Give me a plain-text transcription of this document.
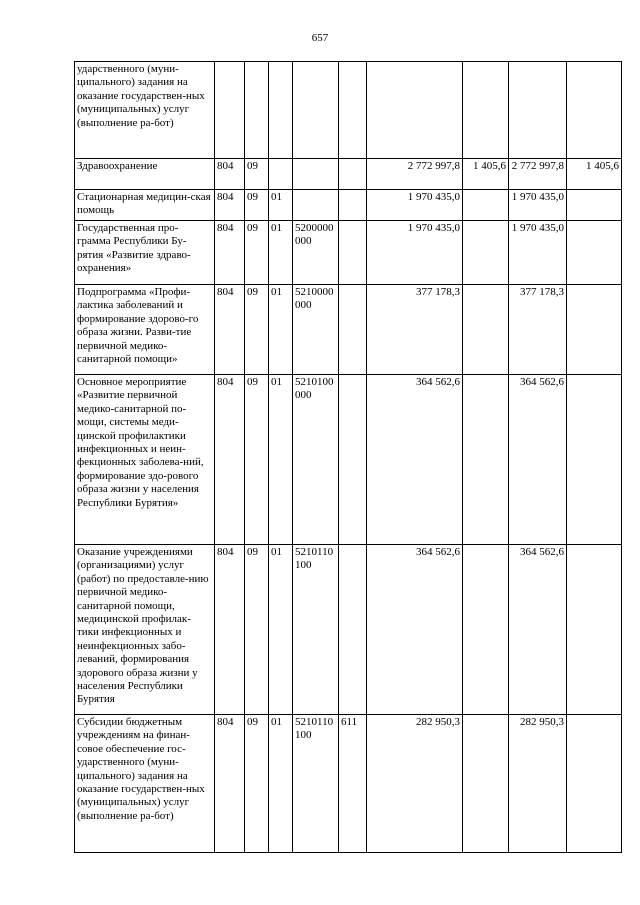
657
ударственного (муни-ципального) задания на оказание государствен-ных (муниципальных) услуг (выполнение ра-бот)									
Здравоохранение	804	09				2 772 997,8	1 405,6	2 772 997,8	1 405,6
Стационарная медицин-ская помощь	804	09	01			1 970 435,0		1 970 435,0	
Государственная про-грамма Республики Бу-рятия «Развитие здраво-охранения»	804	09	01	5200000000		1 970 435,0		1 970 435,0	
Подпрограмма «Профи-лактика заболеваний и формирование здорово-го образа жизни. Разви-тие первичной медико-санитарной помощи»	804	09	01	5210000000		377 178,3		377 178,3	
Основное мероприятие «Развитие первичной медико-санитарной по-мощи, системы меди-цинской профилактики инфекционных и неин-фекционных заболева-ний, формирование здо-рового образа жизни у населения Республики Бурятия»	804	09	01	5210100000		364 562,6		364 562,6	
Оказание учреждениями (организациями) услуг (работ) по предоставле-нию первичной медико-санитарной помощи, медицинской профилак-тики инфекционных и неинфекционных забо-леваний, формирования здорового образа жизни у населения Республики Бурятия	804	09	01	5210110100		364 562,6		364 562,6	
Субсидии бюджетным учреждениям на финан-совое обеспечение гос-ударственного (муни-ципального) задания на оказание государствен-ных (муниципальных) услуг (выполнение ра-бот)	804	09	01	5210110100	611	282 950,3		282 950,3	
